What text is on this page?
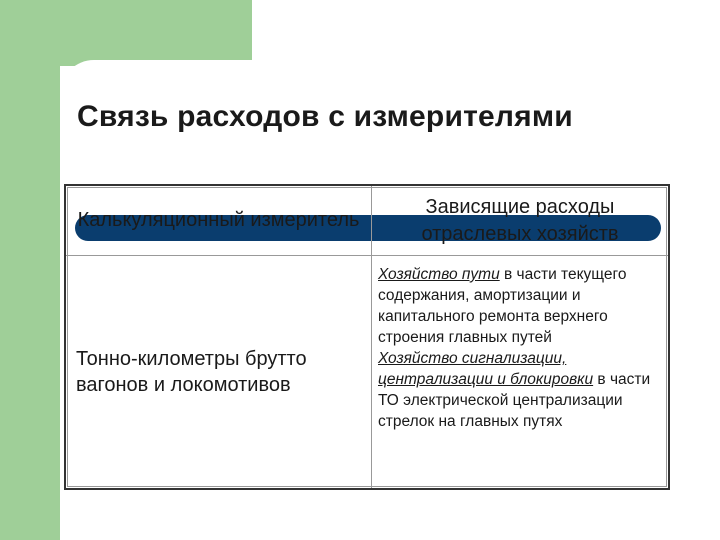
Связь расходов с измерителями
Калькуляционный измеритель
Зависящие расходы отраслевых хозяйств
Тонно-километры брутто вагонов и локомотивов

Хозяйство пути в части текущего содержания, амортизации и капитального ремонта верхнего строения главных путей

Хозяйство сигнализации, централизации и блокировки в части ТО электрической централизации стрелок на главных путях
